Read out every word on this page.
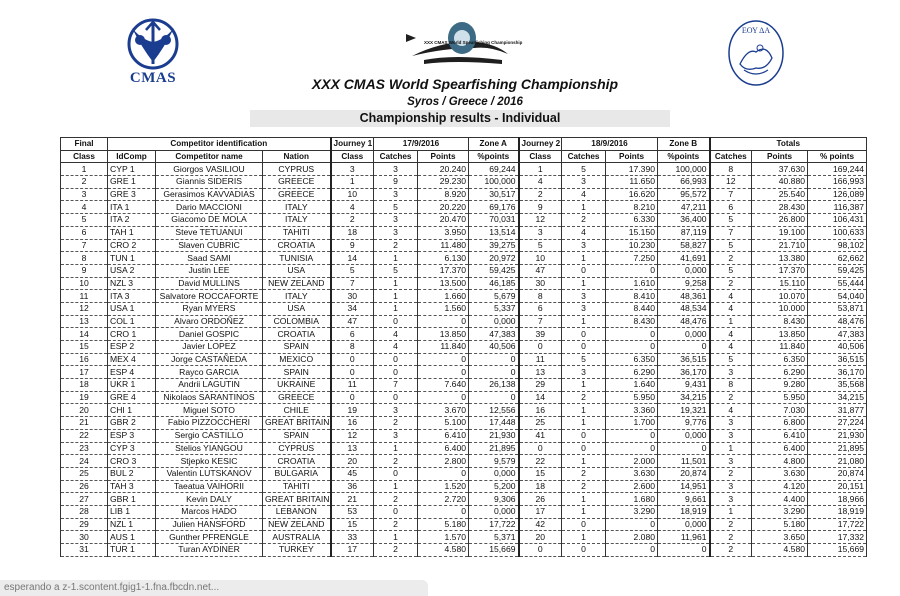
CMAS
XXX CMAS World Spearfishing Championship
ΕΟΥ ΔΑ
XXX CMAS World Spearfishing Championship
Syros / Greece / 2016
Championship results - Individual
Final	Competitor identification			Journey 1	17/9/2016		Zone A	Journey 2	18/9/2016		Zone B	Totals		
Class	IdComp	Competitor name	Nation	Class	Catches	Points	%points	Class	Catches	Points	%points	Catches	Points	% points
1	CYP 1	Giorgos VASILIOU	CYPRUS	3	3	20.240	69,244	1	5	17.390	100,000	8	37.630	169,244
2	GRE 1	Giannis SIDERIS	GREECE	1	9	29.230	100,000	4	3	11.650	66,993	12	40.880	166,993
3	GRE 3	Gerasimos KAVVADIAS	GREECE	10	3	8.920	30,517	2	4	16.620	95,572	7	25.540	126,089
4	ITA 1	Dario MACCIONI	ITALY	4	5	20.220	69,176	9	1	8.210	47,211	6	28.430	116,387
5	ITA 2	Giacomo DE MOLA	ITALY	2	3	20.470	70,031	12	2	6.330	36,400	5	26.800	106,431
6	TAH 1	Steve TETUANUI	TAHITI	18	3	3.950	13,514	3	4	15.150	87,119	7	19.100	100,633
7	CRO 2	Slaven CUBRIC	CROATIA	9	2	11.480	39,275	5	3	10.230	58,827	5	21.710	98,102
8	TUN 1	Saad SAMI	TUNISIA	14	1	6.130	20,972	10	1	7.250	41,691	2	13.380	62,662
9	USA 2	Justin LEE	USA	5	5	17.370	59,425	47	0	0	0,000	5	17.370	59,425
10	NZL 3	David MULLINS	NEW ZELAND	7	1	13.500	46,185	30	1	1.610	9,258	2	15.110	55,444
11	ITA 3	Salvatore ROCCAFORTE	ITALY	30	1	1.660	5,679	8	3	8.410	48,361	4	10.070	54,040
12	USA 1	Ryan MYERS	USA	34	1	1.560	5,337	6	3	8.440	48,534	4	10.000	53,871
13	COL 1	Alvaro ORDOÑEZ	COLOMBIA	47	0	0	0,000	7	1	8.430	48,476	1	8.430	48,476
14	CRO 1	Daniel GOSPIC	CROATIA	6	4	13.850	47,383	39	0	0	0,000	4	13.850	47,383
15	ESP 2	Javier LOPEZ	SPAIN	8	4	11.840	40,506	0	0	0	0	4	11.840	40,506
16	MEX 4	Jorge CASTAÑEDA	MEXICO	0	0	0	0	11	5	6.350	36,515	5	6.350	36,515
17	ESP 4	Rayco GARCIA	SPAIN	0	0	0	0	13	3	6.290	36,170	3	6.290	36,170
18	UKR 1	Andrii LAGUTIN	UKRAINE	11	7	7.640	26,138	29	1	1.640	9,431	8	9.280	35,568
19	GRE 4	Nikolaos SARANTINOS	GREECE	0	0	0	0	14	2	5.950	34,215	2	5.950	34,215
20	CHI 1	Miguel SOTO	CHILE	19	3	3.670	12,556	16	1	3.360	19,321	4	7.030	31,877
21	GBR 2	Fabio PIZZOCCHERI	GREAT BRITAIN	16	2	5.100	17,448	25	1	1.700	9,776	3	6.800	27,224
22	ESP 3	Sergio CASTILLO	SPAIN	12	3	6.410	21,930	41	0	0	0,000	3	6.410	21,930
23	CYP 3	Stelios YIANGOU	CYPRUS	13	1	6.400	21,895	0	0	0	0	1	6.400	21,895
24	CRO 3	Stjepko KESIC	CROATIA	20	2	2.800	9,579	22	1	2.000	11,501	3	4.800	21,080
25	BUL 2	Valentin LUTSKANOV	BULGARIA	45	0	0	0,000	15	2	3.630	20,874	2	3.630	20,874
26	TAH 3	Taeatua VAIHORII	TAHITI	36	1	1.520	5,200	18	2	2.600	14,951	3	4.120	20,151
27	GBR 1	Kevin DALY	GREAT BRITAIN	21	2	2.720	9,306	26	1	1.680	9,661	3	4.400	18,966
28	LIB 1	Marcos HADO	LEBANON	53	0	0	0,000	17	1	3.290	18,919	1	3.290	18,919
29	NZL 1	Julien HANSFORD	NEW ZELAND	15	2	5.180	17,722	42	0	0	0,000	2	5.180	17,722
30	AUS 1	Gunther PFRENGLE	AUSTRALIA	33	1	1.570	5,371	20	1	2.080	11,961	2	3.650	17,332
31	TUR 1	Turan AYDINER	TURKEY	17	2	4.580	15,669	0	0	0	0	2	4.580	15,669
esperando a z-1.scontent.fgig1-1.fna.fbcdn.net...
